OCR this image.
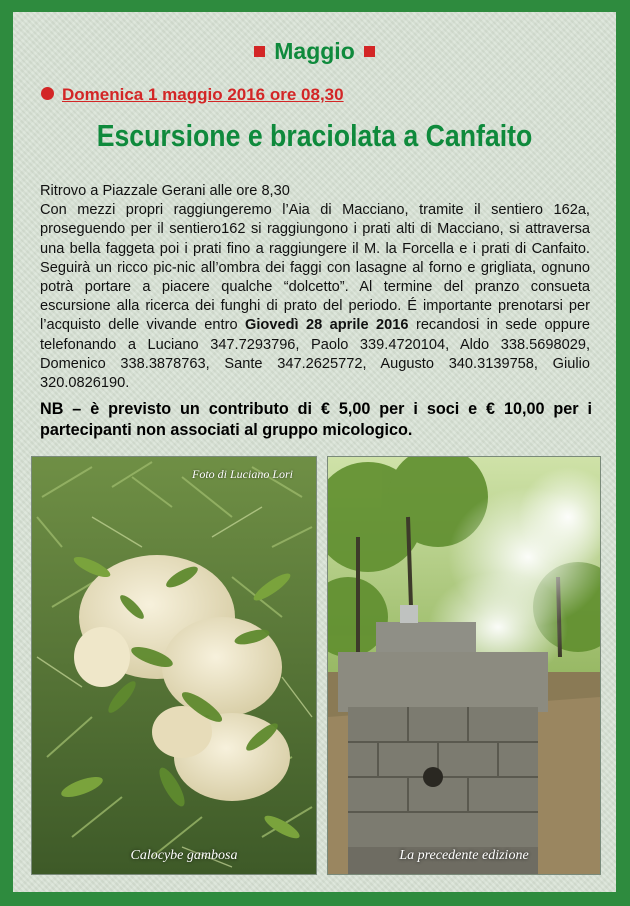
Maggio
Domenica 1 maggio 2016 ore 08,30
Escursione e braciolata a Canfaito

Ritrovo a Piazzale Gerani alle ore 8,30

Con mezzi propri raggiungeremo l’Aia di Macciano, tramite il sentiero 162a, proseguendo per il sentiero162 si raggiungono i prati alti di Macciano, si attraversa una bella faggeta poi i prati fino a raggiungere il M. la Forcella e i prati di Canfaito. Seguirà un ricco pic-nic all’ombra dei faggi con lasagne al forno e grigliata, ognuno potrà portare a piacere qualche “dolcetto”. Al termine del pranzo consueta escursione alla ricerca dei funghi di prato del periodo. É importante prenotarsi per l’acquisto delle vivande entro Giovedì 28 aprile 2016 recandosi in sede oppure telefonando a Luciano 347.7293796, Paolo 339.4720104, Aldo 338.5698029, Domenico 338.3878763, Sante 347.2625772, Augusto 340.3139758, Giulio 320.0826190.

NB – è previsto un contributo di € 5,00 per i soci e € 10,00 per i partecipanti non associati al gruppo micologico.
Foto di Luciano Lori
Calocybe gambosa	La precedente edizione
